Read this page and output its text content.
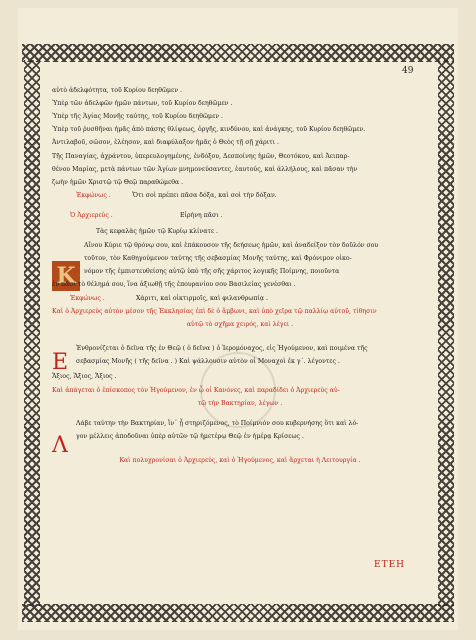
49
αὐτὸ ἀδελφότητα, τοῦ Κυρίου δεηθῶμεν .
Ὑπὲρ τῶν ἀδελφῶν ἡμῶν πάντων, τοῦ Κυρίου δεηθῶμεν .
Ὑπὲρ τῆς Ἁγίας Μονῆς ταύτης, τοῦ Κυρίου δεηθῶμεν .
Ὑπὲρ τοῦ ῥυσθῆναι ἡμᾶς ἀπὸ πάσης θλίψεως, ὀργῆς, κινδύνου, καὶ ἀνάγκης, τοῦ Κυρίου δεηθῶμεν.
Ἀντιλαβοῦ, σῶσον, ἐλέησον, καὶ διαφύλαξον ἡμᾶς ὁ Θεὸς τῇ σῇ χάριτι .
Τῆς Παναγίας, ἀχράντου, ὑπερευλογημένης, ἐνδόξου, Δεσποίνης ἡμῶν, Θεοτόκου, καὶ Ἀειπαρ-
θένου Μαρίας, μετὰ πάντων τῶν Ἁγίων μνημονεύσαντες, ἑαυτούς, καὶ ἀλλήλους, καὶ πᾶσαν τὴν
ζωὴν ἡμῶν Χριστῷ τῷ Θεῷ παραθώμεθα .
Ἐκφώνως .	Ὅτι σοὶ πρέπει πᾶσα δόξα, καὶ σοὶ τὴν δόξαν.
Ὁ Ἀρχιερεύς .	Εἰρήνη πᾶσι .
Τὰς κεφαλὰς ἡμῶν τῷ Κυρίῳ κλίνατε .
Κ
Αἴνου Κύριε τῷ θρόνῳ σου, καὶ ἐπάκουσον τῆς δεήσεως ἡμῶν, καὶ ἀναδείξον τὸν δοῦλόν σου
τοῦτον, τὸν Καθηγούμενον ταύτης τῆς σεβασμίας Μονῆς ταύτης, καὶ Φρόνιμον οἰκο-
νόμον τῆς ἐμπιστευθείσης αὐτῷ ὑπὸ τῆς σῆς χάριτος λογικῆς Ποίμνης, ποιοῦντα
ἐν πᾶσι τὸ θέλημά σου, ἵνα ἀξιωθῇ τῆς ἐπουρανίου σου Βασιλείας γενέσθαι .
Ἐκφώνως .	Χάριτι, καὶ οἰκτιρμοῖς, καὶ φιλανθρωπίᾳ .
Καὶ ὁ Ἀρχιερεὺς αὐτὸν μέσον τῆς Ἐκκλησίας ἐπὶ δὲ ὁ ἄμβωνι, καὶ ὑπὸ χεῖρα τῷ παλλίῳ αὐτοῦ, τίθησιν
αὐτῷ τὸ σχῆμα χειρός, καὶ λέγει .
Ε
Ἐνθρονίζεται ὁ δεῖνα τῆς ἐν Θεῷ ( ὁ δεῖνα ) ὁ Ἱερομόναχος, εἰς Ἡγούμενον, καὶ ποιμένα τῆς
σεβασμίας Μονῆς ( τῆς δεῖνα . ) Καὶ ψάλλουσιν αὐτὸν οἱ Μοναχοὶ ἐκ γ΄. λέγοντες .
Ἄξιος, Ἄξιος, Ἄξιος .
Καὶ ἀπάγεται ὁ ἐπίσκοπος τὸν Ἡγούμενον, ἐν ᾧ οἱ Κανόνες, καὶ παραδίδει ὁ Ἀρχιερεὺς αὐ-
τῷ τὴν Βακτηρίαν, λέγων .
Λ
Λάβε ταύτην τὴν Βακτηρίαν, ἵν᾿ ᾖ στηριζόμενος, τὸ Ποίμνιόν σου κυβερνήσης ὅτι καὶ λό-
γον μέλλεις ἀποδοῦναι ὑπὲρ αὐτῶν τῷ ἡμετέρῳ Θεῷ ἐν ἡμέρᾳ Κρίσεως .
Καὶ πολυχρονίσαι ὁ Ἀρχιερεύς, καὶ ὁ Ἡγούμενος, καὶ ἄρχεται ἡ Λειτουργία .
ΕΤΕΗ
